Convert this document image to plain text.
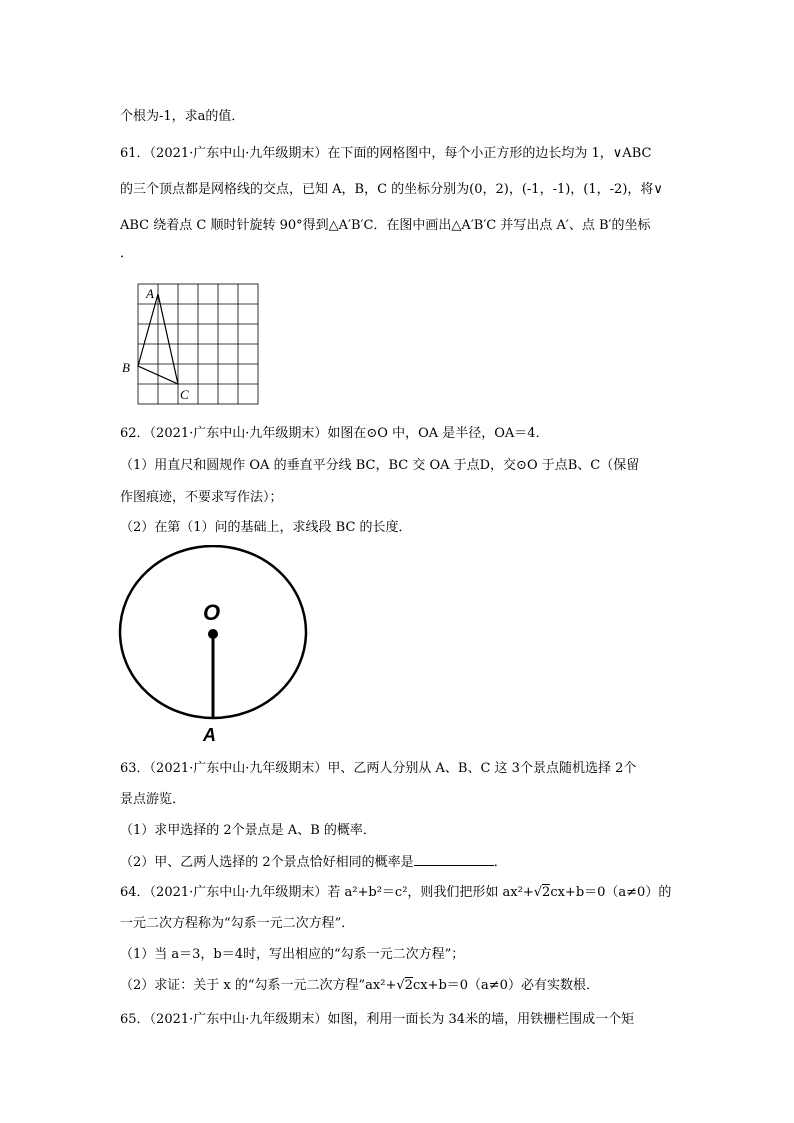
个根为-1，求a的值．
61．（2021·广东中山·九年级期末）在下面的网格图中，每个小正方形的边长均为 1，∨ABC
的三个顶点都是网格线的交点，已知 A，B，C 的坐标分别为(0，2)，(-1，-1)，(1，-2)，将∨
ABC 绕着点 C 顺时针旋转 90°得到△A′B′C．在图中画出△A′B′C 并写出点 A′、点 B′的坐标
．
A
B
C
62．（2021·广东中山·九年级期末）如图在⊙O 中，OA 是半径，OA＝4．
（1）用直尺和圆规作 OA 的垂直平分线 BC，BC 交 OA 于点D，交⊙O 于点B、C（保留
作图痕迹，不要求写作法）；
（2）在第（1）问的基础上，求线段 BC 的长度．
O
A
63．（2021·广东中山·九年级期末）甲、乙两人分别从 A、B、C 这 3个景点随机选择 2个
景点游览．
（1）求甲选择的 2个景点是 A、B 的概率．
（2）甲、乙两人选择的 2个景点恰好相同的概率是	．
64．（2021·广东中山·九年级期末）若 a²+b²＝c²，则我们把形如 ax²+√2cx+b＝0（a≠0）的
一元二次方程称为“勾系一元二次方程”．
（1）当 a＝3，b＝4时，写出相应的“勾系一元二次方程”；
（2）求证：关于 x 的“勾系一元二次方程”ax²+√2cx+b＝0（a≠0）必有实数根．
65．（2021·广东中山·九年级期末）如图，利用一面长为 34米的墙，用铁栅栏围成一个矩
